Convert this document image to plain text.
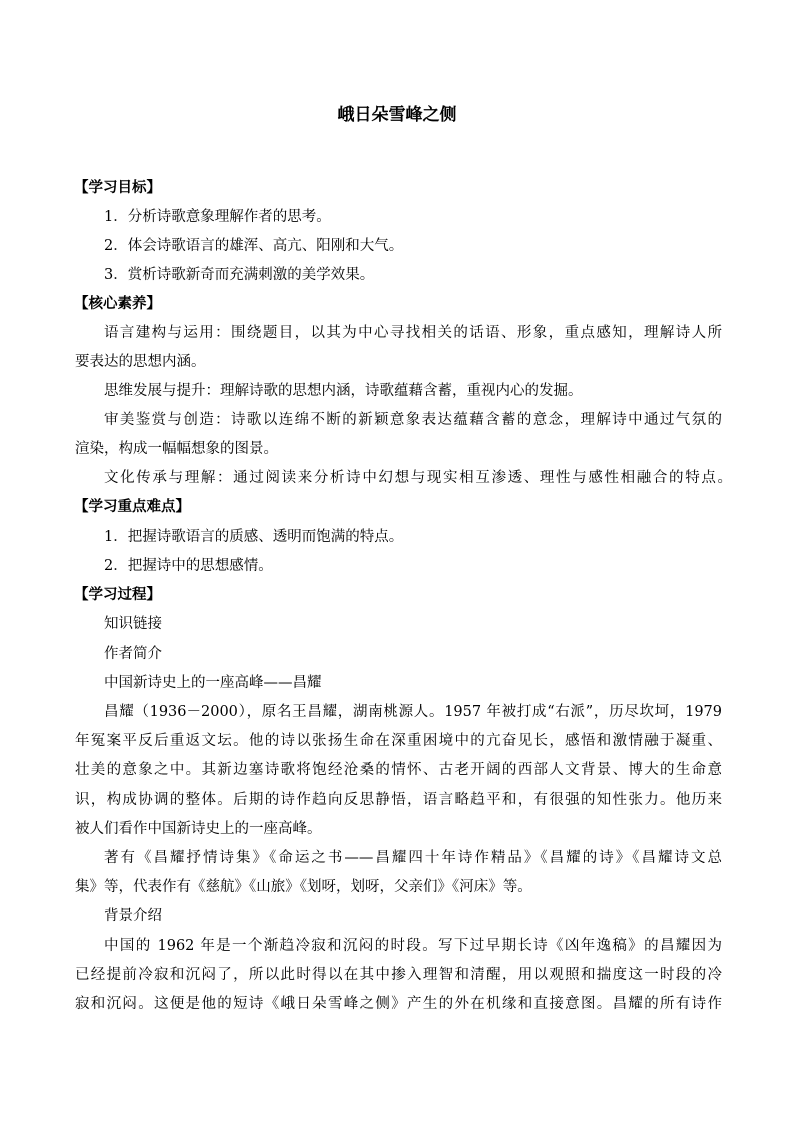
峨日朵雪峰之侧
【学习目标】
1．分析诗歌意象理解作者的思考。
2．体会诗歌语言的雄浑、高亢、阳刚和大气。
3．赏析诗歌新奇而充满刺激的美学效果。
【核心素养】
语言建构与运用：围绕题目，以其为中心寻找相关的话语、形象，重点感知，理解诗人所
要表达的思想内涵。
思维发展与提升：理解诗歌的思想内涵，诗歌蕴藉含蓄，重视内心的发掘。
审美鉴赏与创造：诗歌以连绵不断的新颖意象表达蕴藉含蓄的意念，理解诗中通过气氛的
渲染，构成一幅幅想象的图景。
文化传承与理解：通过阅读来分析诗中幻想与现实相互渗透、理性与感性相融合的特点。
【学习重点难点】
1．把握诗歌语言的质感、透明而饱满的特点。
2．把握诗中的思想感情。
【学习过程】
知识链接
作者简介
中国新诗史上的一座高峰——昌耀
昌耀（1936－2000），原名王昌耀，湖南桃源人。1957 年被打成“右派”，历尽坎坷，1979
年冤案平反后重返文坛。他的诗以张扬生命在深重困境中的亢奋见长，感悟和激情融于凝重、
壮美的意象之中。其新边塞诗歌将饱经沧桑的情怀、古老开阔的西部人文背景、博大的生命意
识，构成协调的整体。后期的诗作趋向反思静悟，语言略趋平和，有很强的知性张力。他历来
被人们看作中国新诗史上的一座高峰。
著有《昌耀抒情诗集》《命运之书——昌耀四十年诗作精品》《昌耀的诗》《昌耀诗文总
集》等，代表作有《慈航》《山旅》《划呀，划呀，父亲们》《河床》等。
背景介绍
中国的 1962 年是一个渐趋冷寂和沉闷的时段。写下过早期长诗《凶年逸稿》的昌耀因为
已经提前冷寂和沉闷了，所以此时得以在其中掺入理智和清醒，用以观照和揣度这一时段的冷
寂和沉闷。这便是他的短诗《峨日朵雪峰之侧》产生的外在机缘和直接意图。昌耀的所有诗作
